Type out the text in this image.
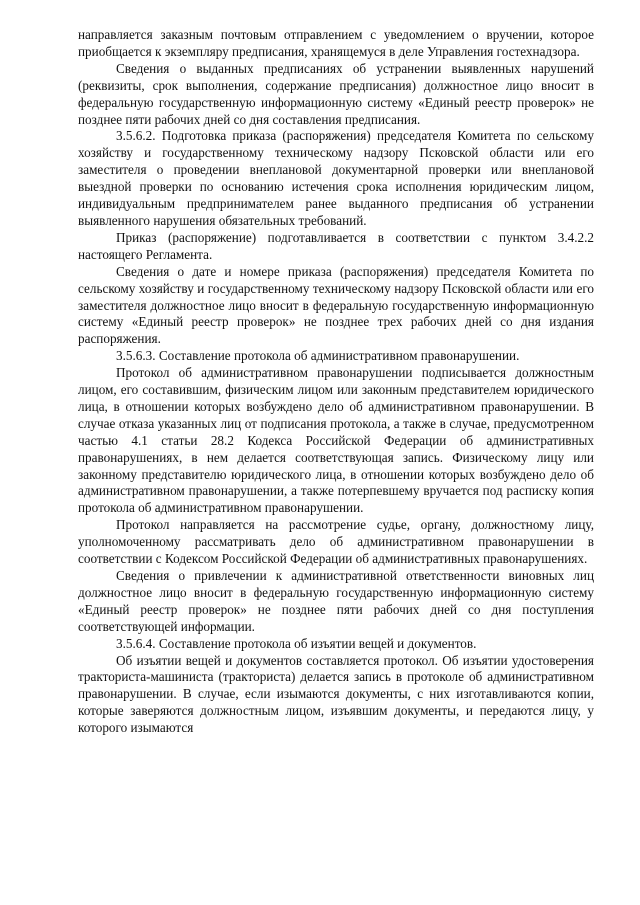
направляется заказным почтовым отправлением с уведомлением о вручении, которое приобщается к экземпляру предписания, хранящемуся в деле Управления гостехнадзора.

Сведения о выданных предписаниях об устранении выявленных нарушений (реквизиты, срок выполнения, содержание предписания) должностное лицо вносит в федеральную государственную информационную систему «Единый реестр проверок» не позднее пяти рабочих дней со дня составления предписания.

3.5.6.2. Подготовка приказа (распоряжения) председателя Комитета по сельскому хозяйству и государственному техническому надзору Псковской области или его заместителя о проведении внеплановой документарной проверки или внеплановой выездной проверки по основанию истечения срока исполнения юридическим лицом, индивидуальным предпринимателем ранее выданного предписания об устранении выявленного нарушения обязательных требований.

Приказ (распоряжение) подготавливается в соответствии с пунктом 3.4.2.2 настоящего Регламента.

Сведения о дате и номере приказа (распоряжения) председателя Комитета по сельскому хозяйству и государственному техническому надзору Псковской области или его заместителя должностное лицо вносит в федеральную государственную информационную систему «Единый реестр проверок» не позднее трех рабочих дней со дня издания распоряжения.

3.5.6.3. Составление протокола об административном правонарушении.

Протокол об административном правонарушении подписывается должностным лицом, его составившим, физическим лицом или законным представителем юридического лица, в отношении которых возбуждено дело об административном правонарушении. В случае отказа указанных лиц от подписания протокола, а также в случае, предусмотренном частью 4.1 статьи 28.2 Кодекса Российской Федерации об административных правонарушениях, в нем делается соответствующая запись. Физическому лицу или законному представителю юридического лица, в отношении которых возбуждено дело об административном правонарушении, а также потерпевшему вручается под расписку копия протокола об административном правонарушении.

Протокол направляется на рассмотрение судье, органу, должностному лицу, уполномоченному рассматривать дело об административном правонарушении в соответствии с Кодексом Российской Федерации об административных правонарушениях.

Сведения о привлечении к административной ответственности виновных лиц должностное лицо вносит в федеральную государственную информационную систему «Единый реестр проверок» не позднее пяти рабочих дней со дня поступления соответствующей информации.

3.5.6.4. Составление протокола об изъятии вещей и документов.

Об изъятии вещей и документов составляется протокол. Об изъятии удостоверения тракториста-машиниста (тракториста) делается запись в протоколе об административном правонарушении. В случае, если изымаются документы, с них изготавливаются копии, которые заверяются должностным лицом, изъявшим документы, и передаются лицу, у которого изымаются
